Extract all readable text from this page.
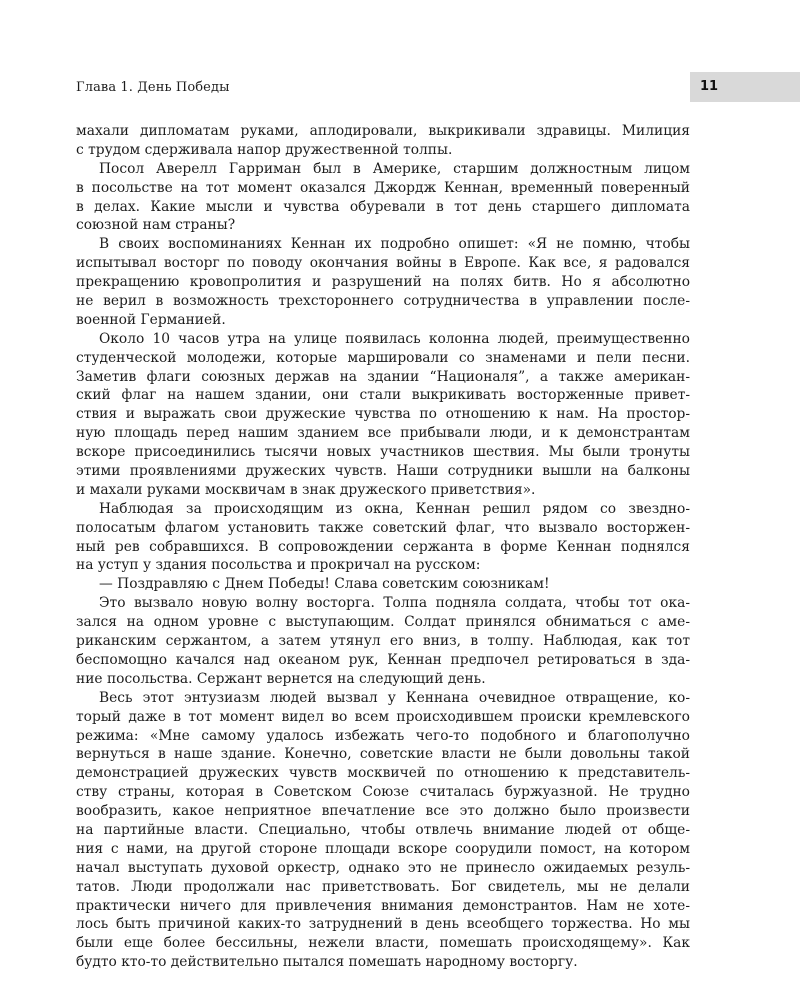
Глава 1. День Победы	11
махали дипломатам руками, аплодировали, выкрикивали здравицы. Милиция
с трудом сдерживала напор дружественной толпы.
Посол Аверелл Гарриман был в Америке, старшим должностным лицом
в посольстве на тот момент оказался Джордж Кеннан, временный поверенный
в делах. Какие мысли и чувства обуревали в тот день старшего дипломата
союзной нам страны?
В своих воспоминаниях Кеннан их подробно опишет: «Я не помню, чтобы
испытывал восторг по поводу окончания войны в Европе. Как все, я радовался
прекращению кровопролития и разрушений на полях битв. Но я абсолютно
не верил в возможность трехстороннего сотрудничества в управлении после-
военной Германией.
Около 10 часов утра на улице появилась колонна людей, преимущественно
студенческой молодежи, которые маршировали со знаменами и пели песни.
Заметив флаги союзных держав на здании “Националя”, а также американ-
ский флаг на нашем здании, они стали выкрикивать восторженные привет-
ствия и выражать свои дружеские чувства по отношению к нам. На простор-
ную площадь перед нашим зданием все прибывали люди, и к демонстрантам
вскоре присоединились тысячи новых участников шествия. Мы были тронуты
этими проявлениями дружеских чувств. Наши сотрудники вышли на балконы
и махали руками москвичам в знак дружеского приветствия».
Наблюдая за происходящим из окна, Кеннан решил рядом со звездно-
полосатым флагом установить также советский флаг, что вызвало восторжен-
ный рев собравшихся. В сопровождении сержанта в форме Кеннан поднялся
на уступ у здания посольства и прокричал на русском:
— Поздравляю с Днем Победы! Слава советским союзникам!
Это вызвало новую волну восторга. Толпа подняла солдата, чтобы тот ока-
зался на одном уровне с выступающим. Солдат принялся обниматься с аме-
риканским сержантом, а затем утянул его вниз, в толпу. Наблюдая, как тот
беспомощно качался над океаном рук, Кеннан предпочел ретироваться в зда-
ние посольства. Сержант вернется на следующий день.
Весь этот энтузиазм людей вызвал у Кеннана очевидное отвращение, ко-
торый даже в тот момент видел во всем происходившем происки кремлевского
режима: «Мне самому удалось избежать чего-то подобного и благополучно
вернуться в наше здание. Конечно, советские власти не были довольны такой
демонстрацией дружеских чувств москвичей по отношению к представитель-
ству страны, которая в Советском Союзе считалась буржуазной. Не трудно
вообразить, какое неприятное впечатление все это должно было произвести
на партийные власти. Специально, чтобы отвлечь внимание людей от обще-
ния с нами, на другой стороне площади вскоре соорудили помост, на котором
начал выступать духовой оркестр, однако это не принесло ожидаемых резуль-
татов. Люди продолжали нас приветствовать. Бог свидетель, мы не делали
практически ничего для привлечения внимания демонстрантов. Нам не хоте-
лось быть причиной каких-то затруднений в день всеобщего торжества. Но мы
были еще более бессильны, нежели власти, помешать происходящему». Как
будто кто-то действительно пытался помешать народному восторгу.
